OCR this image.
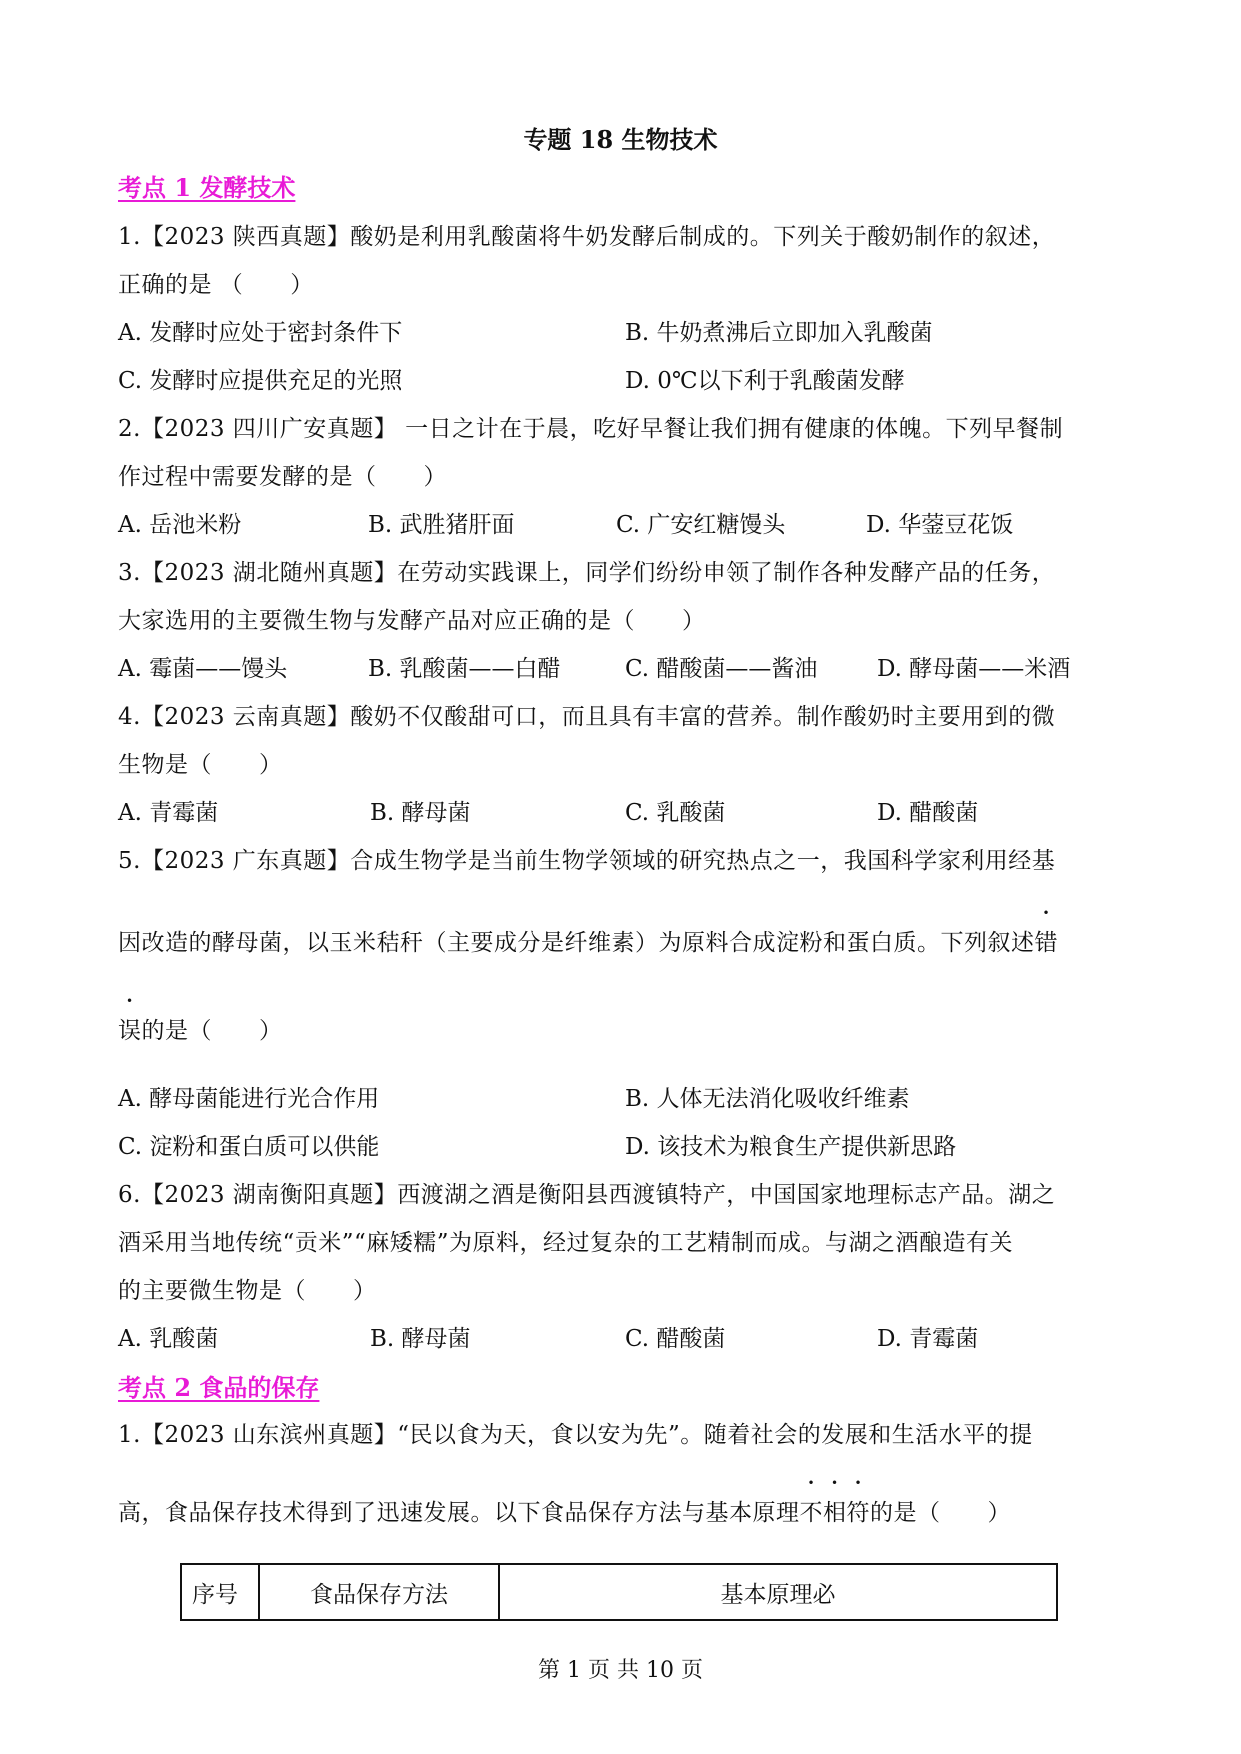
专题 18 生物技术
考点 1 发酵技术
1.【2023 陕西真题】酸奶是利用乳酸菌将牛奶发酵后制成的。下列关于酸奶制作的叙述，
正确的是 （　　）
A. 发酵时应处于密封条件下	B. 牛奶煮沸后立即加入乳酸菌
C. 发酵时应提供充足的光照	D. 0℃以下利于乳酸菌发酵
2.【2023 四川广安真题】 一日之计在于晨，吃好早餐让我们拥有健康的体魄。下列早餐制
作过程中需要发酵的是（　　）
A. 岳池米粉	B. 武胜猪肝面	C. 广安红糖馒头	D. 华蓥豆花饭
3.【2023 湖北随州真题】在劳动实践课上，同学们纷纷申领了制作各种发酵产品的任务，
大家选用的主要微生物与发酵产品对应正确的是（　　）
A. 霉菌——馒头	B. 乳酸菌——白醋	C. 醋酸菌——酱油	D. 酵母菌——米酒
4.【2023 云南真题】酸奶不仅酸甜可口，而且具有丰富的营养。制作酸奶时主要用到的微
生物是（　　）
A. 青霉菌	B. 酵母菌	C. 乳酸菌	D. 醋酸菌
5.【2023 广东真题】合成生物学是当前生物学领域的研究热点之一，我国科学家利用经基
因改造的酵母菌，以玉米秸秆（主要成分是纤维素）为原料合成淀粉和蛋白质。下列叙述错
误的是（　　）
A. 酵母菌能进行光合作用	B. 人体无法消化吸收纤维素
C. 淀粉和蛋白质可以供能	D. 该技术为粮食生产提供新思路
6.【2023 湖南衡阳真题】西渡湖之酒是衡阳县西渡镇特产，中国国家地理标志产品。湖之
酒采用当地传统“贡米”“麻矮糯”为原料，经过复杂的工艺精制而成。与湖之酒酿造有关
的主要微生物是（　　）
A. 乳酸菌	B. 酵母菌	C. 醋酸菌	D. 青霉菌
考点 2 食品的保存
1.【2023 山东滨州真题】“民以食为天，食以安为先”。随着社会的发展和生活水平的提
高，食品保存技术得到了迅速发展。以下食品保存方法与基本原理不相符的是（　　）
序号	食品保存方法	基本原理必
第 1 页 共 10 页
